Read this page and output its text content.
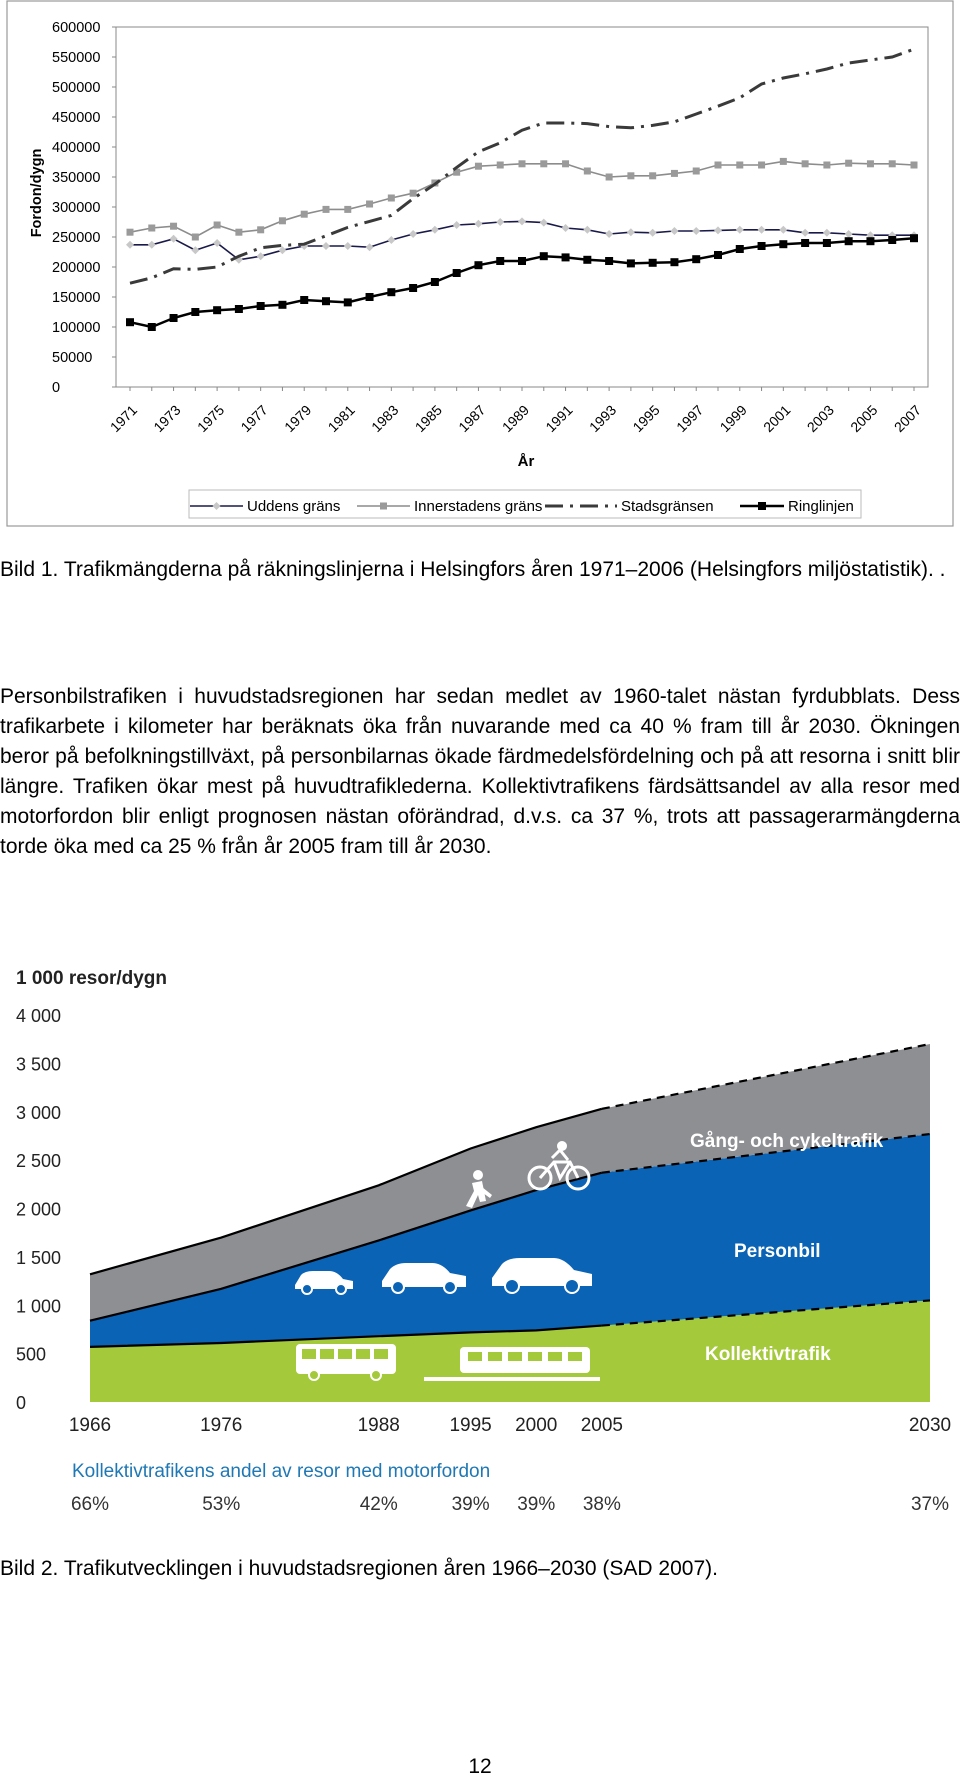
Fordon/dygn
0
50000
100000
150000
200000
250000
300000
350000
400000
450000
500000
550000
600000
1971 1973 1975 1977 1979 1981 1983 1985 1987 1989 1991 1993 1995 1997 1999 2001 2003 2005 2007
År
Uddens gräns	Innerstadens gräns	Stadsgränsen	Ringlinjen

Bild 1. Trafikmängderna på räkningslinjerna i Helsingfors åren 1971–2006 (Helsingfors miljöstatistik). .

Personbilstrafiken i huvudstadsregionen har sedan medlet av 1960-talet nästan fyrdubblats. Dess trafikarbete i kilometer har beräknats öka från nuvarande med ca 40 % fram till år 2030. Ökningen beror på befolkningstillväxt, på personbilarnas ökade färdmedelsfördelning och på att resorna i snitt blir längre. Trafiken ökar mest på huvudtrafiklederna. Kollektivtrafikens färdsättsandel av alla resor med motorfordon blir enligt prognosen nästan oförändrad, d.v.s. ca 37 %, trots att passagerarmängderna torde öka med ca 25 % från år 2005 fram till år 2030.

1 000 resor/dygn
Kollektivtrafik
Personbil
Gång- och cykeltrafik
0
500
1 000
1 500
2 000
2 500
3 000
3 500
4 000
1966	1976	1988	1995 2000 2005	2030
Kollektivtrafikens andel av resor med motorfordon
66%	53%	42%	39% 39% 38%	37%

Bild 2. Trafikutvecklingen i huvudstadsregionen åren 1966–2030 (SAD 2007).

12
